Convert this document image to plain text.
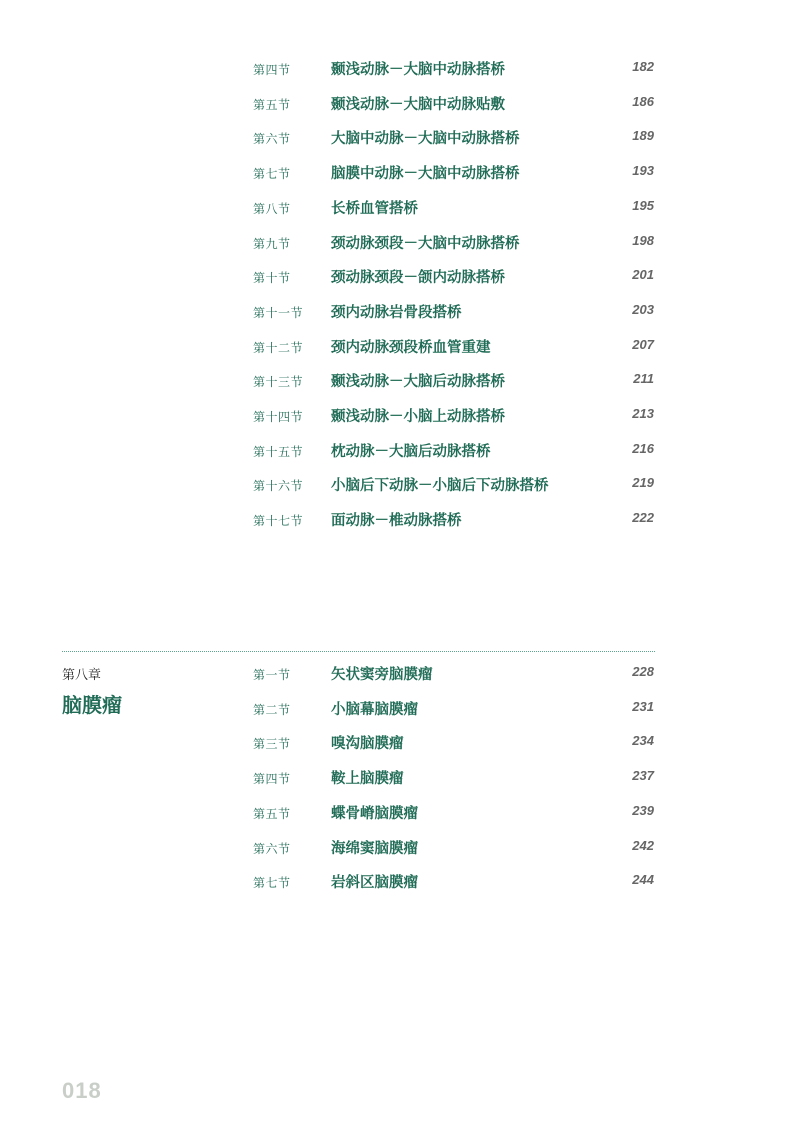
第四节	颞浅动脉－大脑中动脉搭桥	182
第五节	颞浅动脉－大脑中动脉贴敷	186
第六节	大脑中动脉－大脑中动脉搭桥	189
第七节	脑膜中动脉－大脑中动脉搭桥	193
第八节	长桥血管搭桥	195
第九节	颈动脉颈段－大脑中动脉搭桥	198
第十节	颈动脉颈段－颌内动脉搭桥	201
第十一节 颈内动脉岩骨段搭桥	203
第十二节 颈内动脉颈段桥血管重建	207
第十三节 颞浅动脉－大脑后动脉搭桥	211
第十四节 颞浅动脉－小脑上动脉搭桥	213
第十五节 枕动脉－大脑后动脉搭桥	216
第十六节 小脑后下动脉－小脑后下动脉搭桥	219
第十七节 面动脉－椎动脉搭桥	222
第八章
脑膜瘤
第一节	矢状窦旁脑膜瘤	228
第二节	小脑幕脑膜瘤	231
第三节	嗅沟脑膜瘤	234
第四节	鞍上脑膜瘤	237
第五节	蝶骨嵴脑膜瘤	239
第六节	海绵窦脑膜瘤	242
第七节	岩斜区脑膜瘤	244
018
